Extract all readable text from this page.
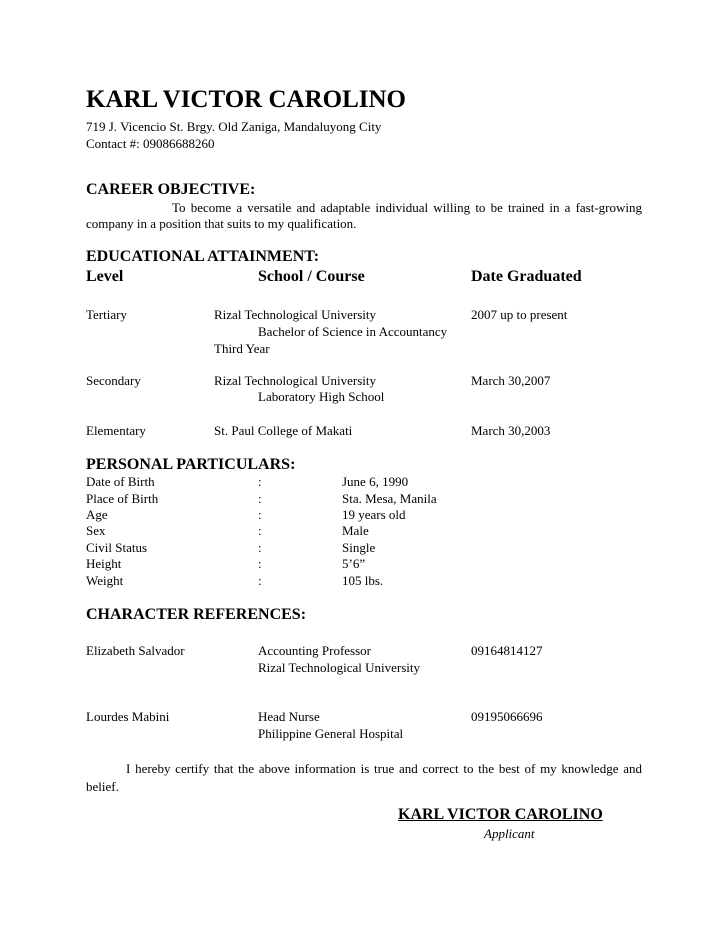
KARL VICTOR CAROLINO
719 J. Vicencio St. Brgy. Old Zaniga, Mandaluyong City
Contact #: 09086688260
CAREER OBJECTIVE:
To become a versatile and adaptable individual willing to be trained in a fast-growing company in a position that suits to my qualification.
EDUCATIONAL ATTAINMENT:
Level	School / Course	Date Graduated
Tertiary	Rizal Technological University	2007 up to present
Bachelor of Science in Accountancy
Third Year
Secondary	Rizal Technological University	March 30,2007
Laboratory High School
Elementary	St. Paul College of Makati	March 30,2003
PERSONAL PARTICULARS:
Date of Birth	:	June 6, 1990
Place of Birth	:	Sta. Mesa, Manila
Age	:	19 years old
Sex	:	Male
Civil Status	:	Single
Height	:	5’6”
Weight	:	105 lbs.
CHARACTER REFERENCES:
Elizabeth Salvador	Accounting Professor	09164814127
Rizal Technological University
Lourdes Mabini	Head Nurse	09195066696
Philippine General Hospital
I hereby certify that the above information is true and correct to the best of my knowledge and belief.
KARL VICTOR CAROLINO
Applicant
